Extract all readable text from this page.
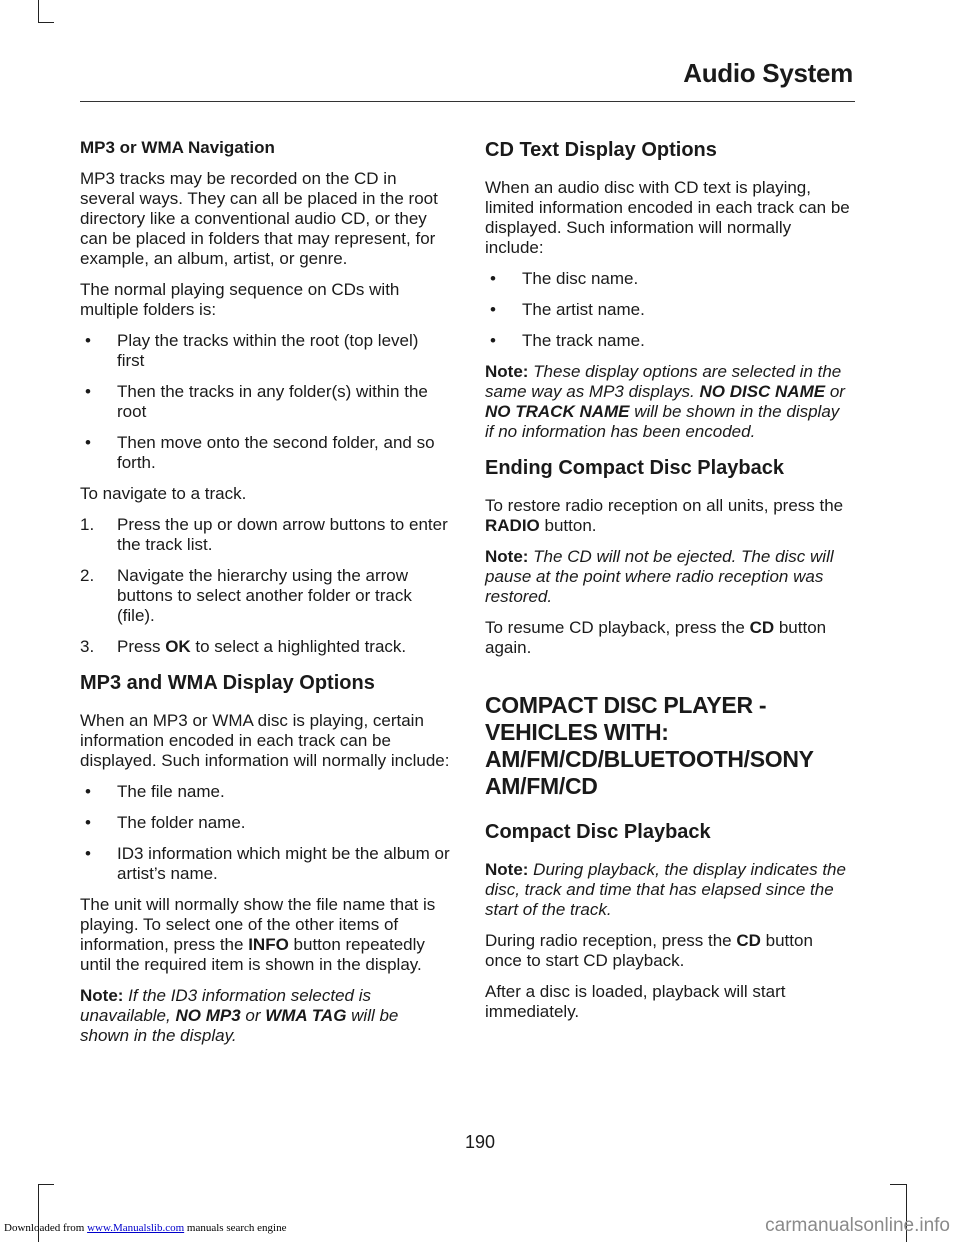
Audio System

MP3 or WMA Navigation

MP3 tracks may be recorded on the CD in several ways. They can all be placed in the root directory like a conventional audio CD, or they can be placed in folders that may represent, for example, an album, artist, or genre.

The normal playing sequence on CDs with multiple folders is:

• Play the tracks within the root (top level) first
• Then the tracks in any folder(s) within the root
• Then move onto the second folder, and so forth.

To navigate to a track.

1. Press the up or down arrow buttons to enter the track list.
2. Navigate the hierarchy using the arrow buttons to select another folder or track (file).
3. Press OK to select a highlighted track.
MP3 and WMA Display Options

When an MP3 or WMA disc is playing, certain information encoded in each track can be displayed. Such information will normally include:

• The file name.
• The folder name.
• ID3 information which might be the album or artist’s name.

The unit will normally show the file name that is playing. To select one of the other items of information, press the INFO button repeatedly until the required item is shown in the display.

Note: If the ID3 information selected is unavailable, NO MP3 or WMA TAG will be shown in the display.

CD Text Display Options

When an audio disc with CD text is playing, limited information encoded in each track can be displayed. Such information will normally include:

• The disc name.
• The artist name.
• The track name.

Note: These display options are selected in the same way as MP3 displays. NO DISC NAME or NO TRACK NAME will be shown in the display if no information has been encoded.

Ending Compact Disc Playback

To restore radio reception on all units, press the RADIO button.

Note: The CD will not be ejected. The disc will pause at the point where radio reception was restored.

To resume CD playback, press the CD button again.

COMPACT DISC PLAYER -
VEHICLES WITH:
AM/FM/CD/BLUETOOTH/SONY
AM/FM/CD
Compact Disc Playback

Note: During playback, the display indicates the disc, track and time that has elapsed since the start of the track.

During radio reception, press the CD button once to start CD playback.

After a disc is loaded, playback will start immediately.

190
Downloaded from www.Manualslib.com manuals search engine	carmanualsonline.info
